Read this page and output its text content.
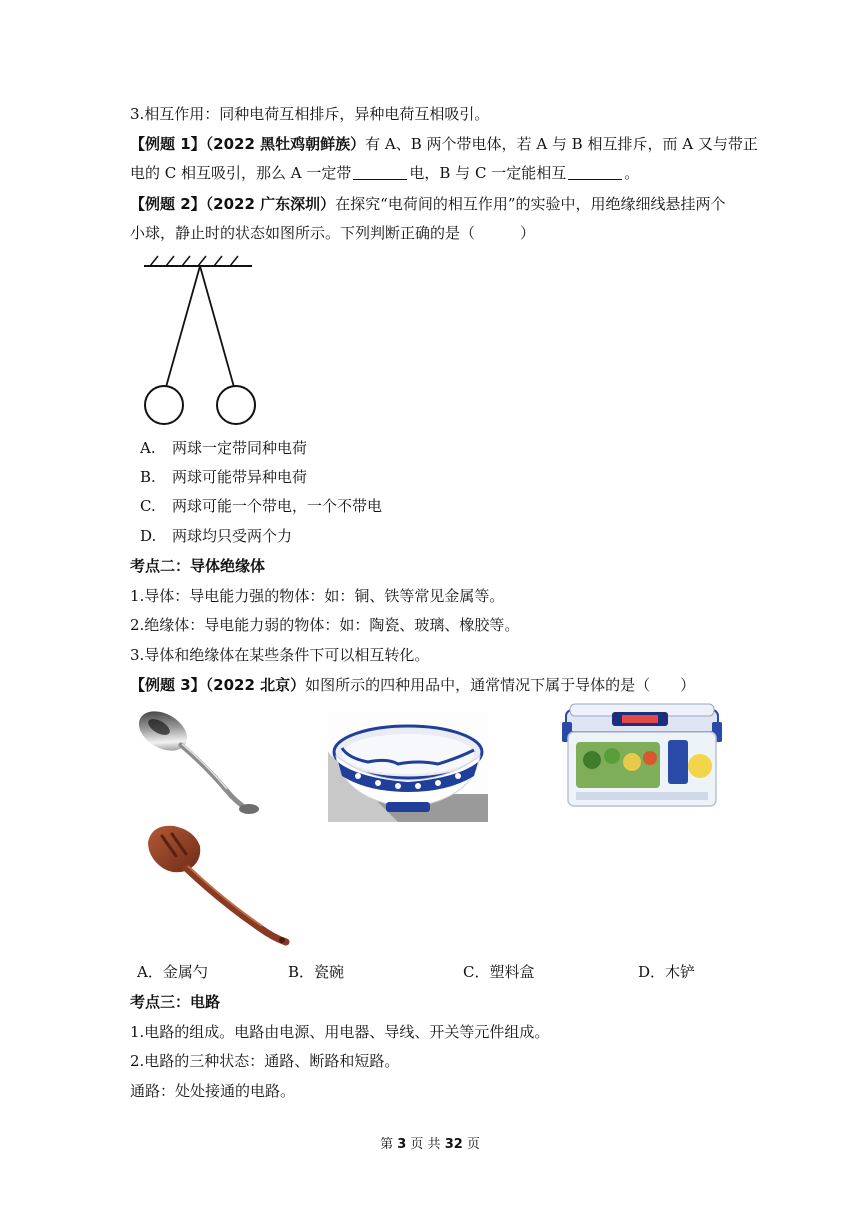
3.相互作用：同种电荷互相排斥，异种电荷互相吸引。
【例题 1】（2022 黑牡鸡朝鲜族）有 A、B 两个带电体，若 A 与 B 相互排斥，而 A 又与带正
电的 C 相互吸引，那么 A 一定带	电，B 与 C 一定能相互	。
【例题 2】（2022 广东深圳）在探究“电荷间的相互作用”的实验中，用绝缘细线悬挂两个
小球，静止时的状态如图所示。下列判断正确的是（　　　）
A. 两球一定带同种电荷
B. 两球可能带异种电荷
C. 两球可能一个带电，一个不带电
D. 两球均只受两个力
考点二：导体绝缘体
1.导体：导电能力强的物体：如：铜、铁等常见金属等。
2.绝缘体：导电能力弱的物体：如：陶瓷、玻璃、橡胶等。
3.导体和绝缘体在某些条件下可以相互转化。
【例题 3】（2022 北京）如图所示的四种用品中，通常情况下属于导体的是（　　）
A．金属勺	B．瓷碗	C．塑料盒	D．木铲
考点三：电路
1.电路的组成。电路由电源、用电器、导线、开关等元件组成。
2.电路的三种状态：通路、断路和短路。
通路：处处接通的电路。
第 3 页 共 32 页
